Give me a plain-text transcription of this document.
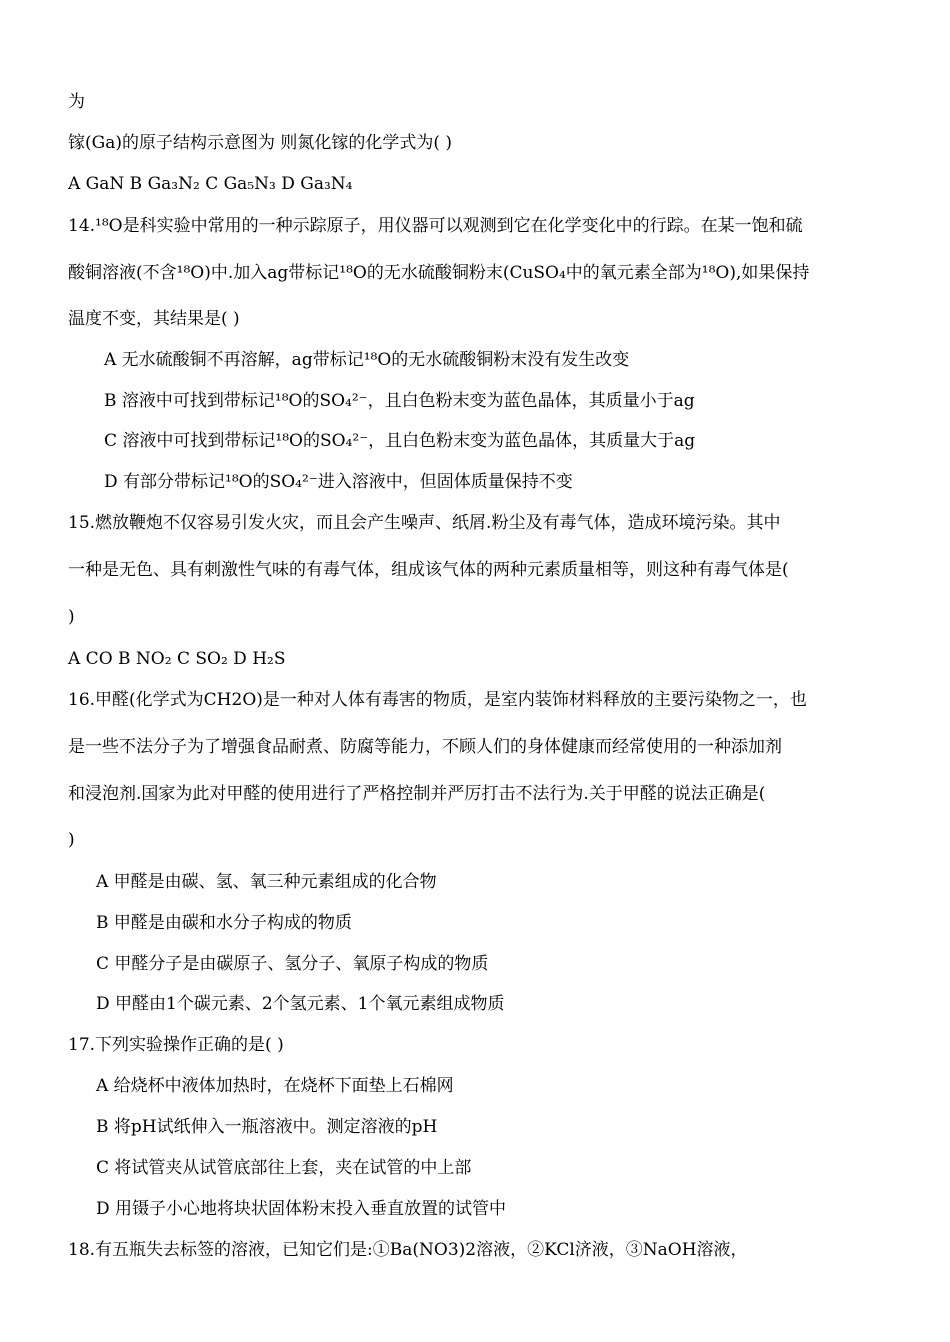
为
镓(Ga)的原子结构示意图为 则氮化镓的化学式为( )
A GaN B Ga₃N₂ C Ga₅N₃ D Ga₃N₄
14.¹⁸O是科实验中常用的一种示踪原子，用仪器可以观测到它在化学变化中的行踪。在某一饱和硫
酸铜溶液(不含¹⁸O)中.加入ag带标记¹⁸O的无水硫酸铜粉末(CuSO₄中的氧元素全部为¹⁸O),如果保持
温度不变，其结果是( )
A 无水硫酸铜不再溶解，ag带标记¹⁸O的无水硫酸铜粉末没有发生改变
B 溶液中可找到带标记¹⁸O的SO₄²⁻，且白色粉末变为蓝色晶体，其质量小于ag
C 溶液中可找到带标记¹⁸O的SO₄²⁻，且白色粉末变为蓝色晶体，其质量大于ag
D 有部分带标记¹⁸O的SO₄²⁻进入溶液中，但固体质量保持不变
15.燃放鞭炮不仅容易引发火灾，而且会产生噪声、纸屑.粉尘及有毒气体，造成环境污染。其中
一种是无色、具有刺激性气味的有毒气体，组成该气体的两种元素质量相等，则这种有毒气体是(
)
A CO B NO₂ C SO₂ D H₂S
16.甲醛(化学式为CH2O)是一种对人体有毒害的物质，是室内装饰材料释放的主要污染物之一，也
是一些不法分子为了增强食品耐煮、防腐等能力，不顾人们的身体健康而经常使用的一种添加剂
和浸泡剂.国家为此对甲醛的使用进行了严格控制并严厉打击不法行为.关于甲醛的说法正确是(
)
A 甲醛是由碳、氢、氧三种元素组成的化合物
B 甲醛是由碳和水分子构成的物质
C 甲醛分子是由碳原子、氢分子、氧原子构成的物质
D 甲醛由1个碳元素、2个氢元素、1个氧元素组成物质
17.下列实验操作正确的是( )
A 给烧杯中液体加热时，在烧杯下面垫上石棉网
B 将pH试纸伸入一瓶溶液中。测定溶液的pH
C 将试管夹从试管底部往上套，夹在试管的中上部
D 用镊子小心地将块状固体粉末投入垂直放置的试管中
18.有五瓶失去标签的溶液，已知它们是:①Ba(NO3)2溶液，②KCl济液，③NaOH溶液，
